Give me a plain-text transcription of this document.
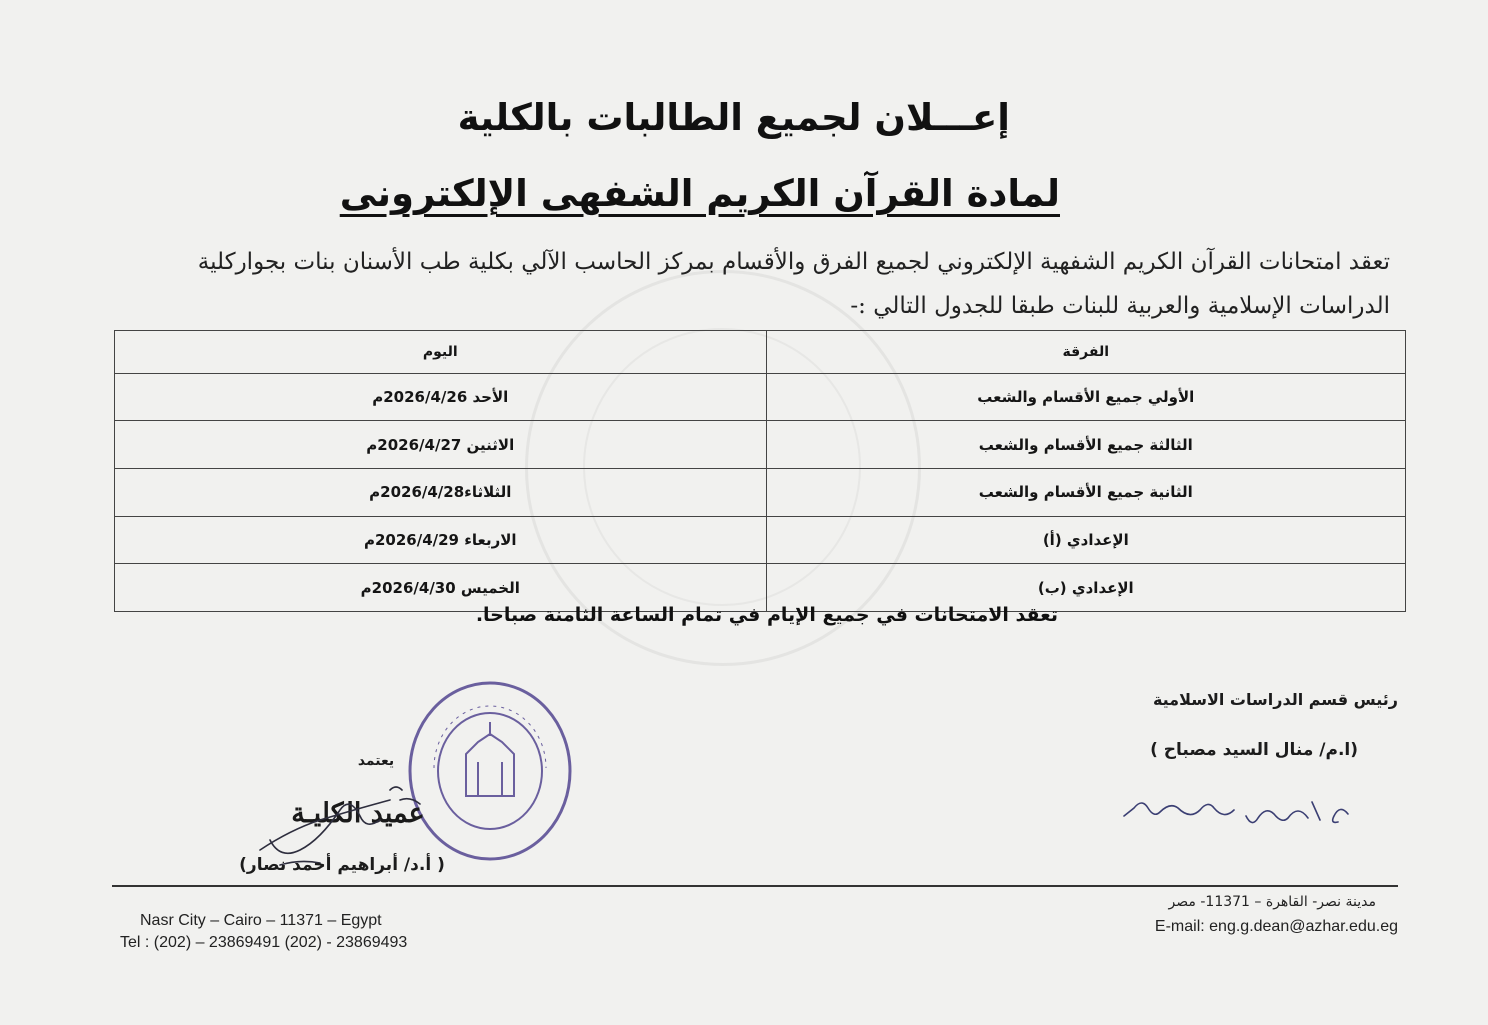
إعـــلان لجميع الطالبات بالكلية
لمادة القرآن الكريم الشفهى الإلكترونى
تعقد امتحانات القرآن الكريم الشفهية الإلكتروني لجميع الفرق والأقسام بمركز الحاسب الآلي بكلية طب الأسنان بنات بجواركلية الدراسات الإسلامية والعربية للبنات طبقا للجدول التالي :-
الفرقة	اليوم
الأولي جميع الأقسام والشعب	الأحد 2026/4/26م
الثالثة جميع الأقسام والشعب	الاثنين 2026/4/27م
الثانية جميع الأقسام والشعب	الثلاثاء2026/4/28م
الإعدادي (أ)	الاربعاء 2026/4/29م
الإعدادي (ب)	الخميس 2026/4/30م
تعقد الامتحانات في جميع الإيام في تمام الساعة الثامنة صباحا.
رئيس قسم الدراسات الاسلامية
(ا.م/ منال السيد مصباح )
يعتمد
عميد الكليـة
( أ.د/ أبراهيم أحمد نصار)
Nasr City – Cairo – 11371 – Egypt
Tel : (202) – 23869491 (202) - 23869493
مدينة نصر- القاهرة – 11371- مصر
E-mail: eng.g.dean@azhar.edu.eg
